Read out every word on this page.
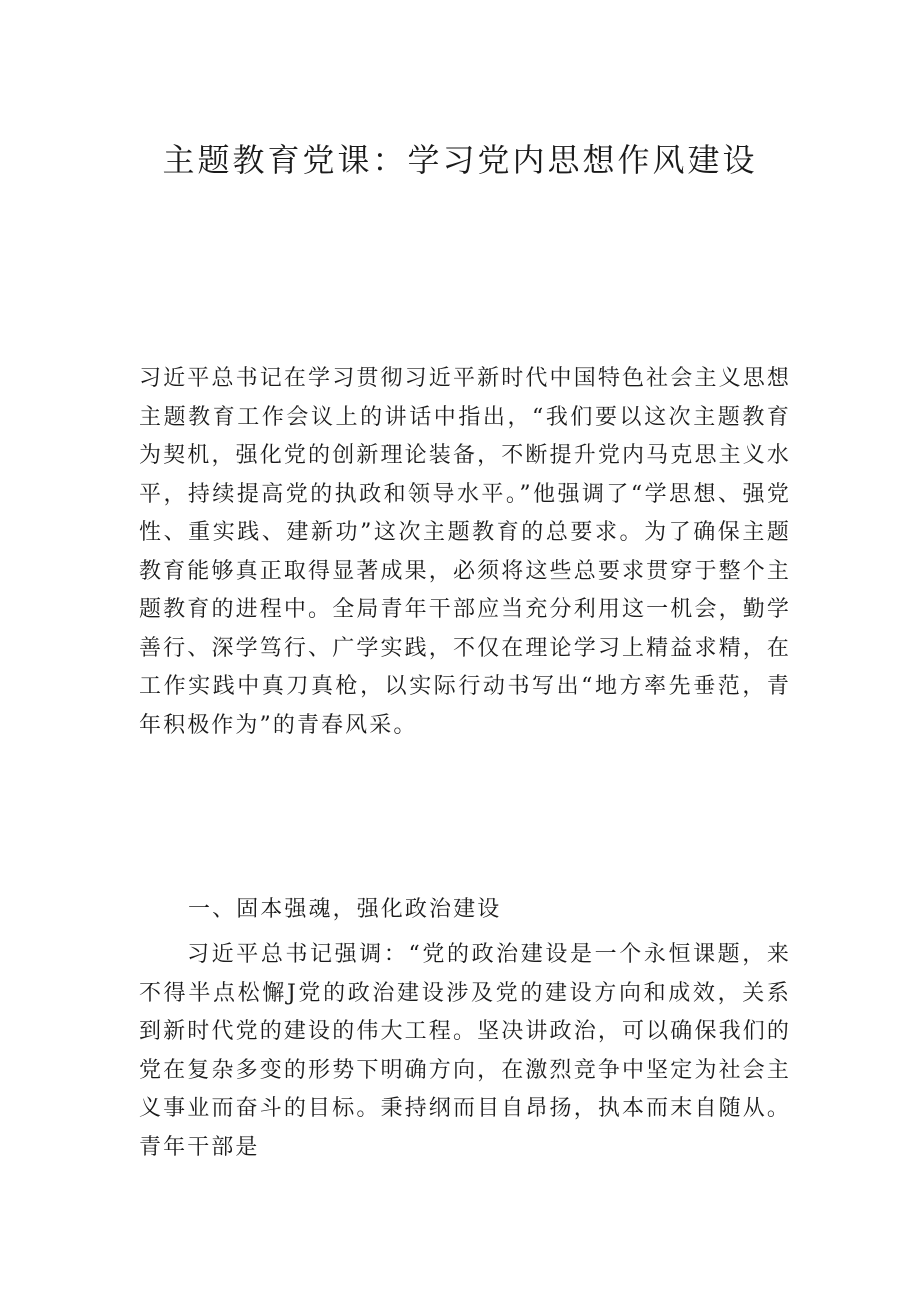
主题教育党课：学习党内思想作风建设

习近平总书记在学习贯彻习近平新时代中国特色社会主义思想主题教育工作会议上的讲话中指出，“我们要以这次主题教育为契机，强化党的创新理论装备，不断提升党内马克思主义水平，持续提高党的执政和领导水平。”他强调了“学思想、强党性、重实践、建新功”这次主题教育的总要求。为了确保主题教育能够真正取得显著成果，必须将这些总要求贯穿于整个主题教育的进程中。全局青年干部应当充分利用这一机会，勤学善行、深学笃行、广学实践，不仅在理论学习上精益求精，在工作实践中真刀真枪，以实际行动书写出“地方率先垂范，青年积极作为”的青春风采。

一、固本强魂，强化政治建设

习近平总书记强调：“党的政治建设是一个永恒课题，来不得半点松懈J党的政治建设涉及党的建设方向和成效，关系到新时代党的建设的伟大工程。坚决讲政治，可以确保我们的党在复杂多变的形势下明确方向，在激烈竞争中坚定为社会主义事业而奋斗的目标。秉持纲而目自昂扬，执本而末自随从。青年干部是
